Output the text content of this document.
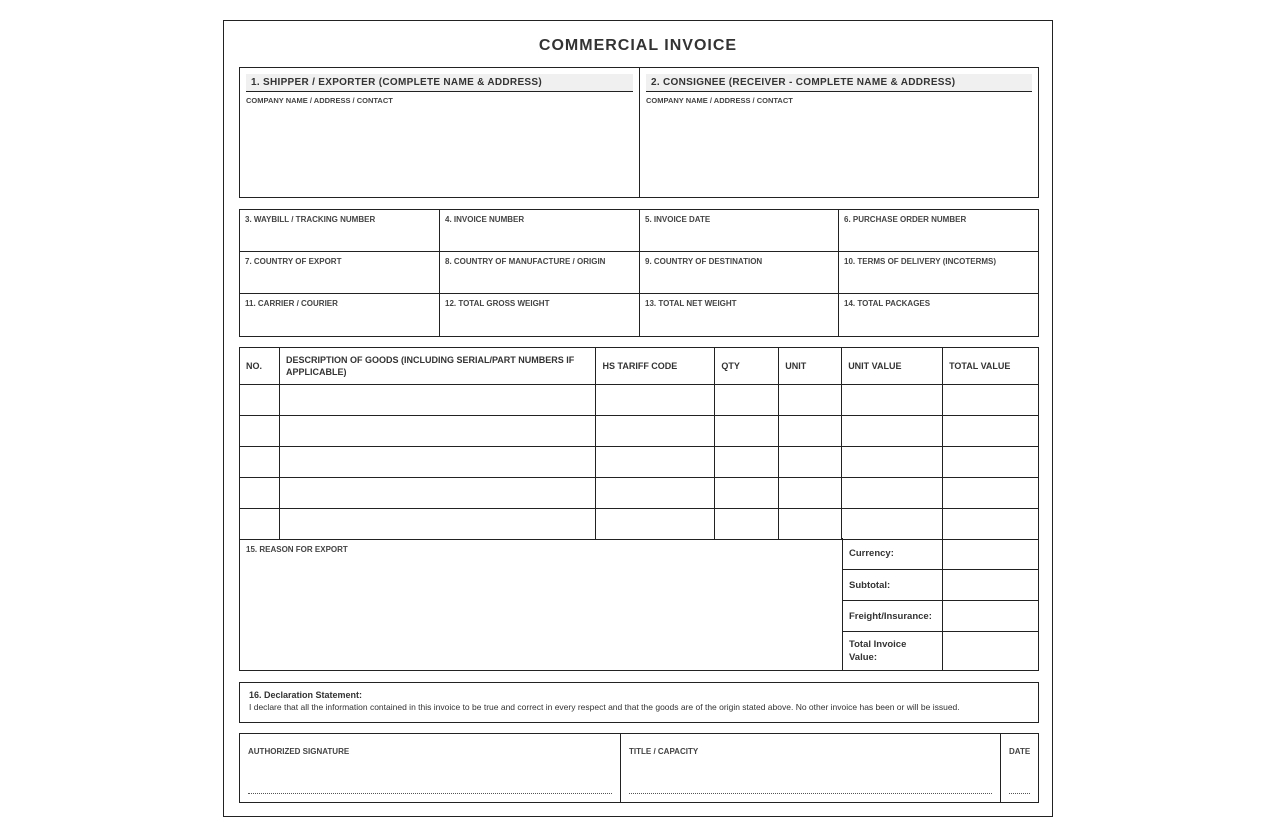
COMMERCIAL INVOICE
1. SHIPPER / EXPORTER (COMPLETE NAME & ADDRESS)
COMPANY NAME / ADDRESS / CONTACT
2. CONSIGNEE (RECEIVER - COMPLETE NAME & ADDRESS)
COMPANY NAME / ADDRESS / CONTACT
3. WAYBILL / TRACKING NUMBER	4. INVOICE NUMBER	5. INVOICE DATE	6. PURCHASE ORDER NUMBER
7. COUNTRY OF EXPORT	8. COUNTRY OF MANUFACTURE / ORIGIN	9. COUNTRY OF DESTINATION	10. TERMS OF DELIVERY (INCOTERMS)
11. CARRIER / COURIER	12. TOTAL GROSS WEIGHT	13. TOTAL NET WEIGHT	14. TOTAL PACKAGES
NO.	DESCRIPTION OF GOODS (INCLUDING SERIAL/PART NUMBERS IF APPLICABLE)	HS TARIFF CODE	QTY	UNIT	UNIT VALUE	TOTAL VALUE

15. REASON FOR EXPORT	Currency:
Subtotal:
Freight/Insurance:
Total Invoice Value:
16. Declaration Statement:
I declare that all the information contained in this invoice to be true and correct in every respect and that the goods are of the origin stated above. No other invoice has been or will be issued.
AUTHORIZED SIGNATURE	TITLE / CAPACITY	DATE
